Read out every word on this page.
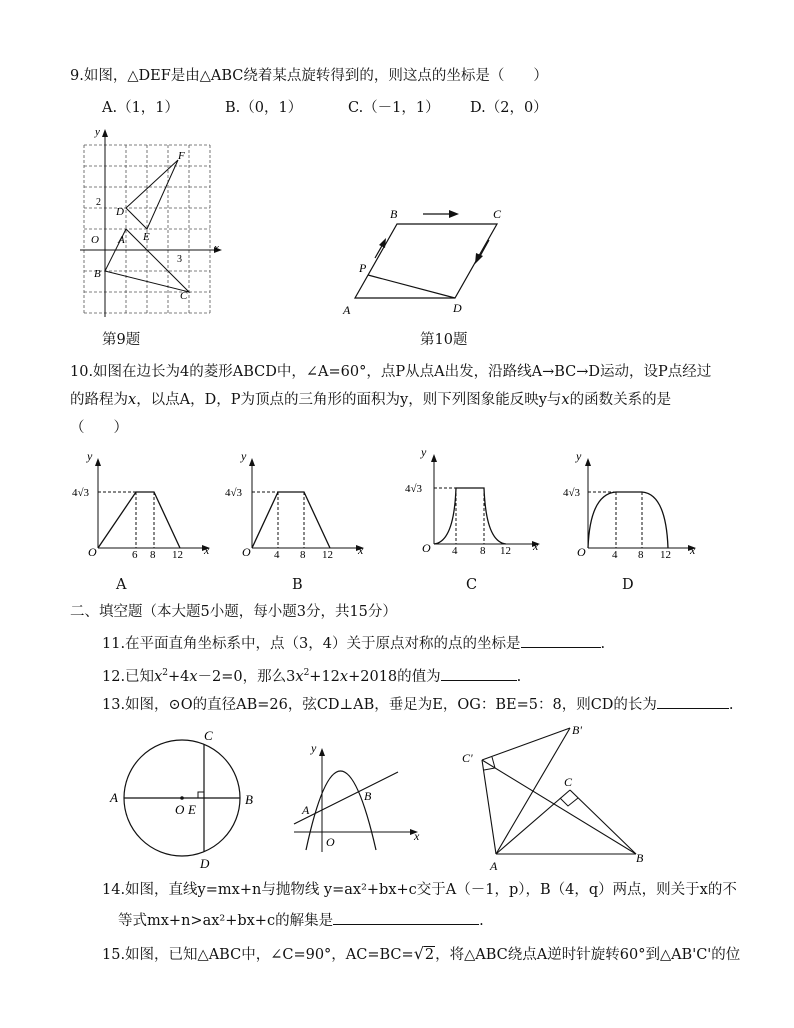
9.如图，△DEF是由△ABC绕着某点旋转得到的，则这点的坐标是（　　）
A.（1，1）	B.（0，1）	C.（－1，1） D.（2，0）
y
x
O
2
3
A
B
C
D
E
F
第9题
A
B	C
D
P
第10题
10.如图在边长为4的菱形ABCD中，∠A=60°，点P从点A出发，沿路线A→BC→D运动，设P点经过
的路程为x，以点A，D，P为顶点的三角形的面积为y，则下列图象能反映y与x的函数关系的是
（　　）
y
x
O
4√3
6 8 12
y
x
O
4√3
4 8 12
y
x
O
4√3
4 8 12
y
x
O
4√3
4 8 12
A	B	C	D
二、填空题（本大题5小题，每小题3分，共15分）
11.在平面直角坐标系中，点（3，4）关于原点对称的点的坐标是	.
12.已知$x^2+4x-2=0$，那么$3x^2+12x+2018$的值为	.
13.如图，⊙O的直径AB=26，弦CD⊥AB，垂足为E，OG：BE=5：8，则CD的长为	.
A	B
C
D
O E
y
x
O
A
B
A
B
C
C'
B'
14.如图，直线y=mx+n与抛物线 y=ax²+bx+c交于A（－1，p），B（4，q）两点，则关于x的不
等式mx+n>ax²+bx+c的解集是	.
15.如图，已知△ABC中，∠C=90°，AC=BC=√2，将△ABC绕点A逆时针旋转60°到△AB'C'的位
